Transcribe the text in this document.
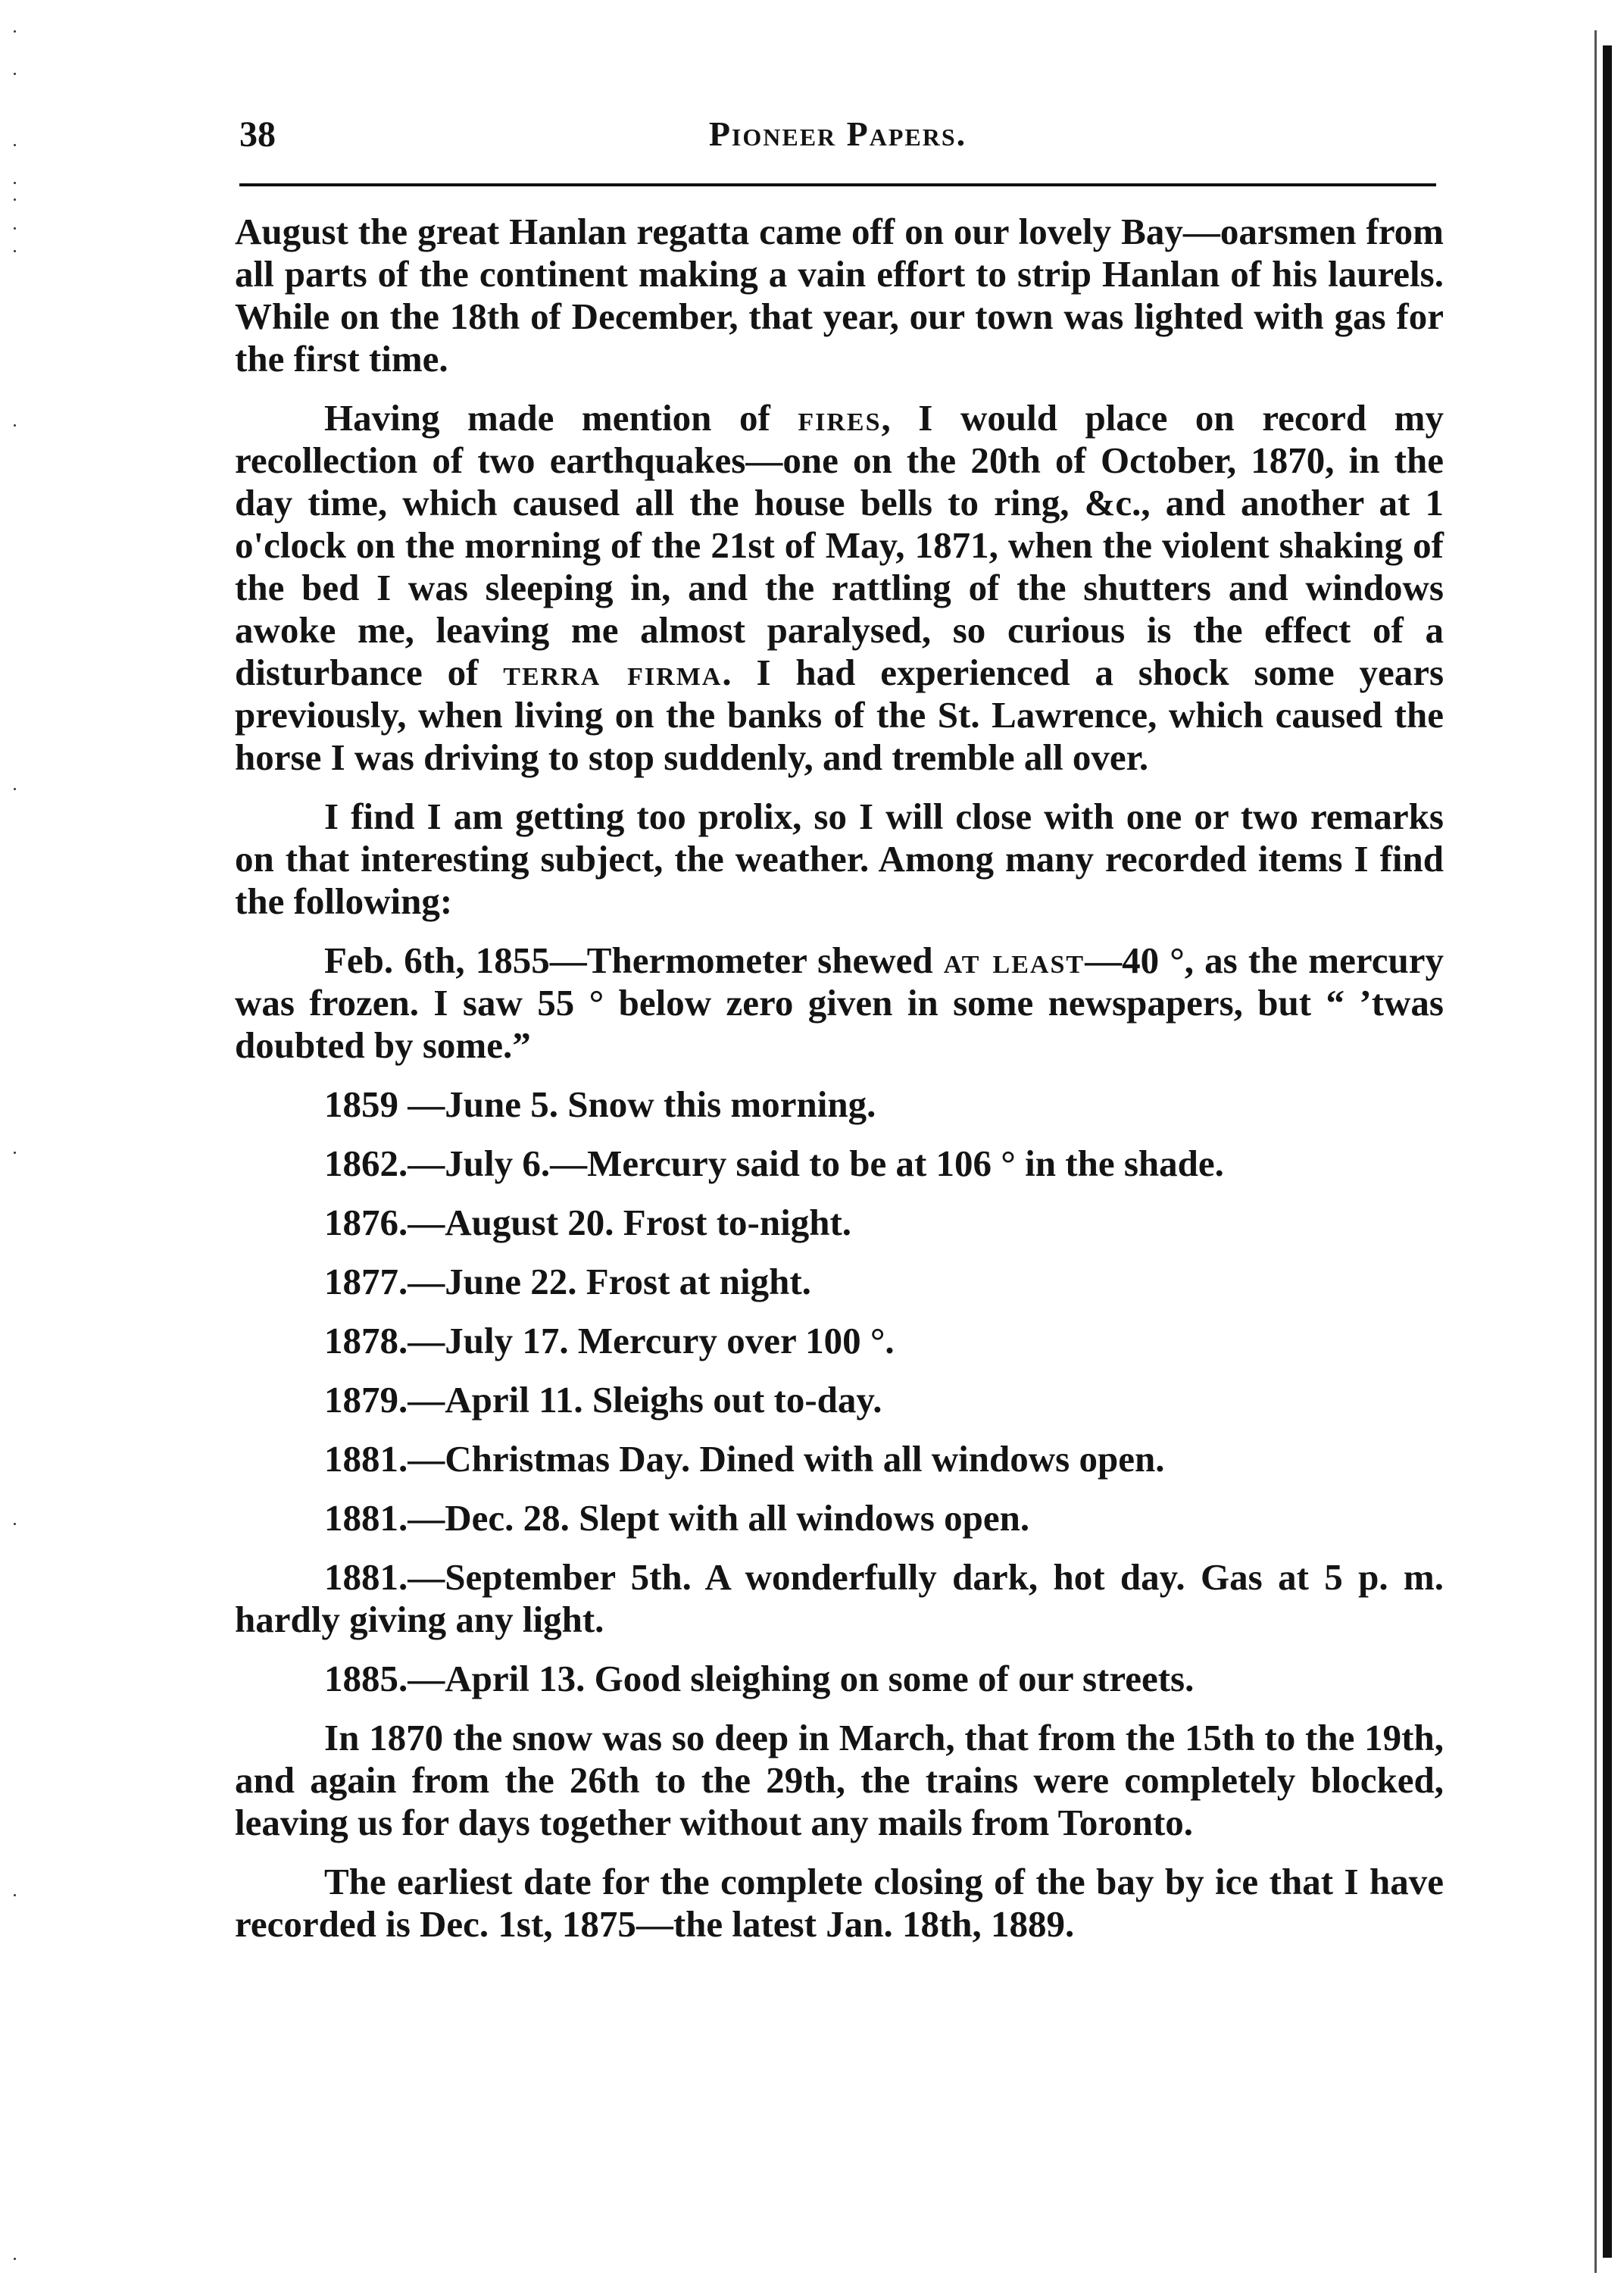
38	Pioneer Papers.

August the great Hanlan regatta came off on our lovely Bay—oarsmen from all parts of the continent making a vain effort to strip Hanlan of his laurels. While on the 18th of December, that year, our town was lighted with gas for the first time.

Having made mention of fires, I would place on record my recollection of two earthquakes—one on the 20th of October, 1870, in the day time, which caused all the house bells to ring, &c., and another at 1 o'clock on the morning of the 21st of May, 1871, when the violent shaking of the bed I was sleeping in, and the rattling of the shutters and windows awoke me, leaving me almost paralysed, so curious is the effect of a disturbance of terra firma. I had experienced a shock some years previously, when living on the banks of the St. Lawrence, which caused the horse I was driving to stop suddenly, and tremble all over.

I find I am getting too prolix, so I will close with one or two remarks on that interesting subject, the weather. Among many recorded items I find the following:

Feb. 6th, 1855—Thermometer shewed at least—40 °, as the mercury was frozen. I saw 55 ° below zero given in some newspapers, but “ ’twas doubted by some.”

1859 —June 5. Snow this morning.

1862.—July 6.—Mercury said to be at 106 ° in the shade.

1876.—August 20. Frost to-night.

1877.—June 22. Frost at night.

1878.—July 17. Mercury over 100 °.

1879.—April 11. Sleighs out to-day.

1881.—Christmas Day. Dined with all windows open.

1881.—Dec. 28. Slept with all windows open.

1881.—September 5th. A wonderfully dark, hot day. Gas at 5 p. m. hardly giving any light.

1885.—April 13. Good sleighing on some of our streets.

In 1870 the snow was so deep in March, that from the 15th to the 19th, and again from the 26th to the 29th, the trains were completely blocked, leaving us for days together without any mails from Toronto.

The earliest date for the complete closing of the bay by ice that I have recorded is Dec. 1st, 1875—the latest Jan. 18th, 1889.
